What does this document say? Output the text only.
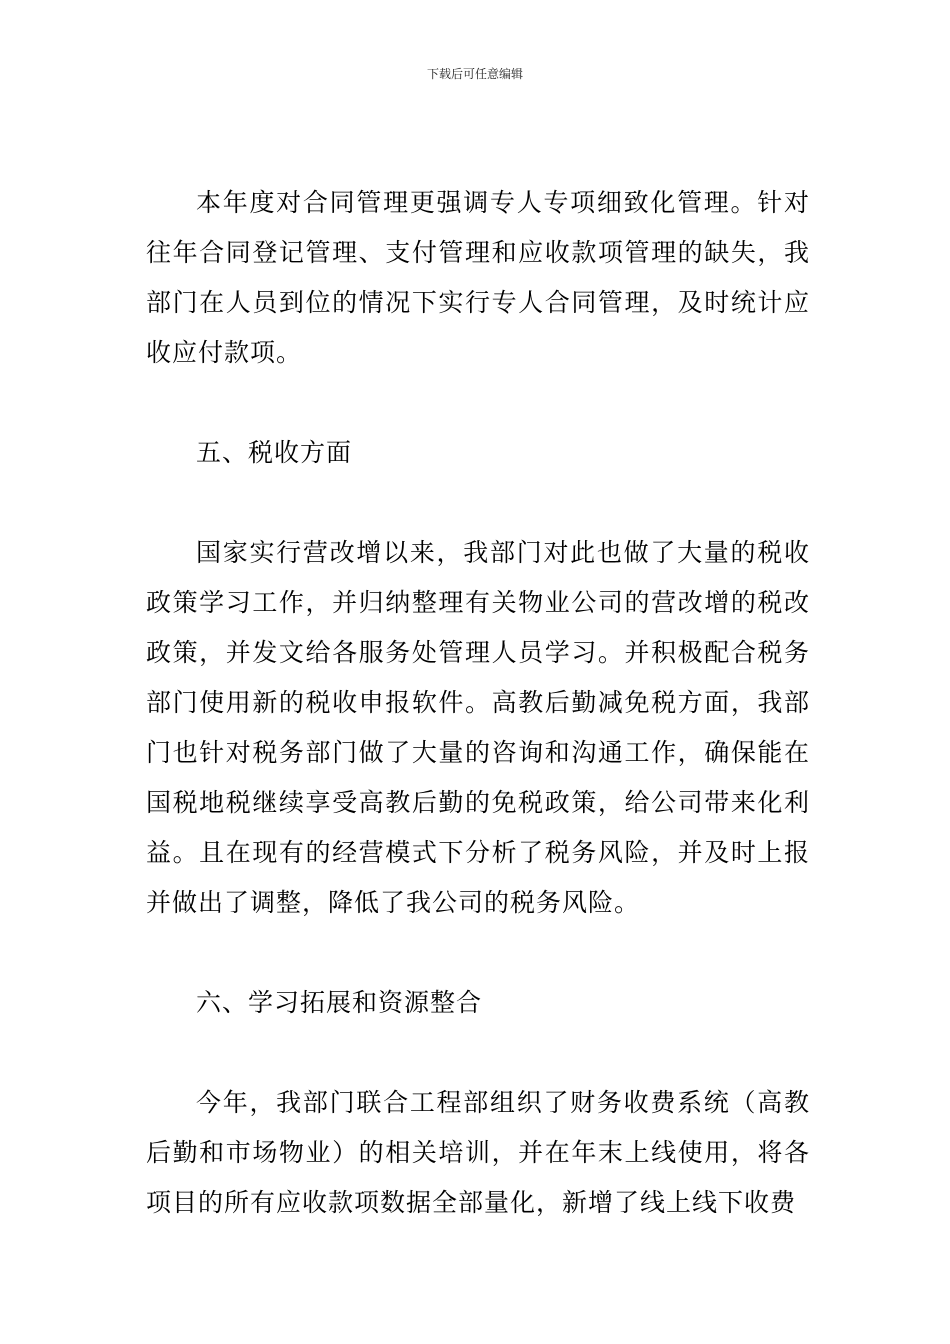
下载后可任意编辑

本年度对合同管理更强调专人专项细致化管理。针对往年合同登记管理、支付管理和应收款项管理的缺失，我部门在人员到位的情况下实行专人合同管理，及时统计应收应付款项。

五、税收方面

国家实行营改增以来，我部门对此也做了大量的税收政策学习工作，并归纳整理有关物业公司的营改增的税改政策，并发文给各服务处管理人员学习。并积极配合税务部门使用新的税收申报软件。高教后勤减免税方面，我部门也针对税务部门做了大量的咨询和沟通工作，确保能在国税地税继续享受高教后勤的免税政策，给公司带来化利益。且在现有的经营模式下分析了税务风险，并及时上报并做出了调整，降低了我公司的税务风险。

六、学习拓展和资源整合

今年，我部门联合工程部组织了财务收费系统（高教后勤和市场物业）的相关培训，并在年末上线使用，将各项目的所有应收款项数据全部量化，新增了线上线下收费
